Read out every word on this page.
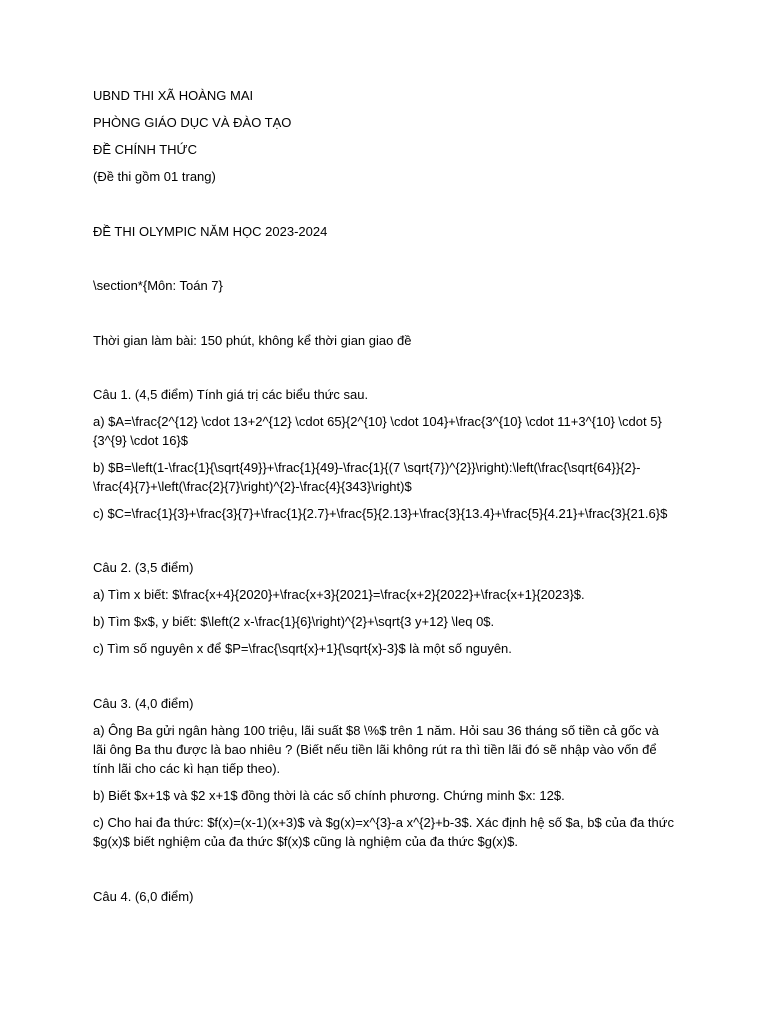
UBND THI XÃ HOÀNG MAI

PHÒNG GIÁO DỤC VÀ ĐÀO TẠO

ĐỀ CHÍNH THỨC

(Đề thi gồm 01 trang)

ĐỀ THI OLYMPIC NĂM HỌC 2023-2024

\section*{Môn: Toán 7}

Thời gian làm bài: 150 phút, không kể thời gian giao đề

Câu 1. (4,5 điểm) Tính giá trị các biểu thức sau.

a) $A=\frac{2^{12} \cdot 13+2^{12} \cdot 65}{2^{10} \cdot 104}+\frac{3^{10} \cdot 11+3^{10} \cdot 5}{3^{9} \cdot 16}$

b) $B=\left(1-\frac{1}{\sqrt{49}}+\frac{1}{49}-\frac{1}{(7 \sqrt{7})^{2}}\right):\left(\frac{\sqrt{64}}{2}-\frac{4}{7}+\left(\frac{2}{7}\right)^{2}-\frac{4}{343}\right)$

c) $C=\frac{1}{3}+\frac{3}{7}+\frac{1}{2.7}+\frac{5}{2.13}+\frac{3}{13.4}+\frac{5}{4.21}+\frac{3}{21.6}$

Câu 2. (3,5 điểm)

a) Tìm x biết: $\frac{x+4}{2020}+\frac{x+3}{2021}=\frac{x+2}{2022}+\frac{x+1}{2023}$.

b) Tìm $x$, y biết: $\left(2 x-\frac{1}{6}\right)^{2}+\sqrt{3 y+12} \leq 0$.

c) Tìm số nguyên x để $P=\frac{\sqrt{x}+1}{\sqrt{x}-3}$ là một số nguyên.

Câu 3. (4,0 điểm)

a) Ông Ba gửi ngân hàng 100 triệu, lãi suất $8 \%$ trên 1 năm. Hỏi sau 36 tháng số tiền cả gốc và lãi ông Ba thu được là bao nhiêu ? (Biết nếu tiền lãi không rút ra thì tiền lãi đó sẽ nhập vào vốn để tính lãi cho các kì hạn tiếp theo).

b) Biết $x+1$ và $2 x+1$ đồng thời là các số chính phương. Chứng minh $x: 12$.

c) Cho hai đa thức: $f(x)=(x-1)(x+3)$ và $g(x)=x^{3}-a x^{2}+b-3$. Xác định hệ số $a, b$ của đa thức $g(x)$ biết nghiệm của đa thức $f(x)$ cũng là nghiệm của đa thức $g(x)$.

Câu 4. (6,0 điểm)
